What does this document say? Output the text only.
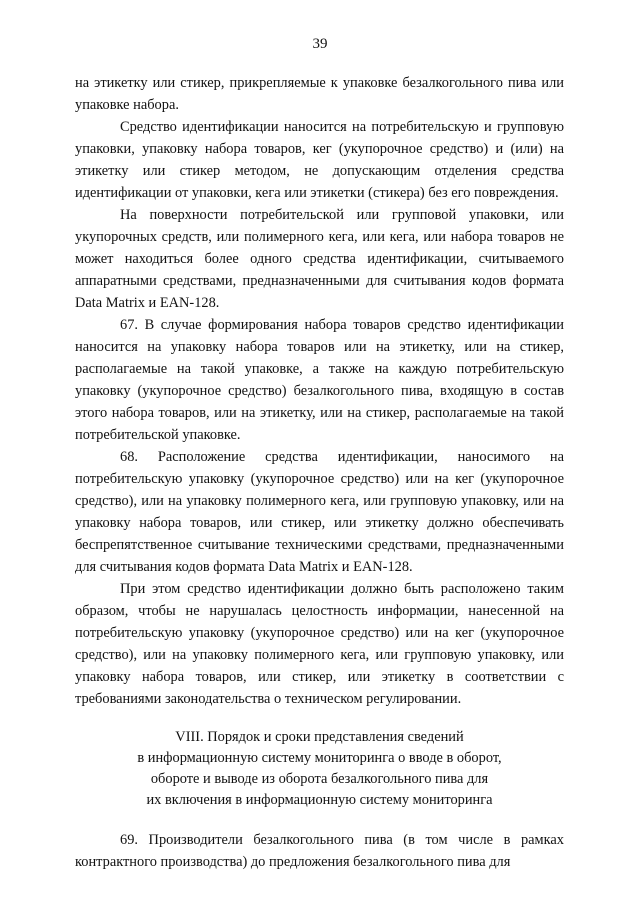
39

на этикетку или стикер, прикрепляемые к упаковке безалкогольного пива или упаковке набора.

Средство идентификации наносится на потребительскую и групповую упаковки, упаковку набора товаров, кег (укупорочное средство) и (или) на этикетку или стикер методом, не допускающим отделения средства идентификации от упаковки, кега или этикетки (стикера) без его повреждения.

На поверхности потребительской или групповой упаковки, или укупорочных средств, или полимерного кега, или кега, или набора товаров не может находиться более одного средства идентификации, считываемого аппаратными средствами, предназначенными для считывания кодов формата Data Matrix и EAN-128.

67. В случае формирования набора товаров средство идентификации наносится на упаковку набора товаров или на этикетку, или на стикер, располагаемые на такой упаковке, а также на каждую потребительскую упаковку (укупорочное средство) безалкогольного пива, входящую в состав этого набора товаров, или на этикетку, или на стикер, располагаемые на такой потребительской упаковке.

68. Расположение средства идентификации, наносимого на потребительскую упаковку (укупорочное средство) или на кег (укупорочное средство), или на упаковку полимерного кега, или групповую упаковку, или на упаковку набора товаров, или стикер, или этикетку должно обеспечивать беспрепятственное считывание техническими средствами, предназначенными для считывания кодов формата Data Matrix и EAN-128.

При этом средство идентификации должно быть расположено таким образом, чтобы не нарушалась целостность информации, нанесенной на потребительскую упаковку (укупорочное средство) или на кег (укупорочное средство), или на упаковку полимерного кега, или групповую упаковку, или упаковку набора товаров, или стикер, или этикетку в соответствии с требованиями законодательства о техническом регулировании.

VIII. Порядок и сроки представления сведений
в информационную систему мониторинга о вводе в оборот,
обороте и выводе из оборота безалкогольного пива для
их включения в информационную систему мониторинга

69. Производители безалкогольного пива (в том числе в рамках контрактного производства) до предложения безалкогольного пива для
